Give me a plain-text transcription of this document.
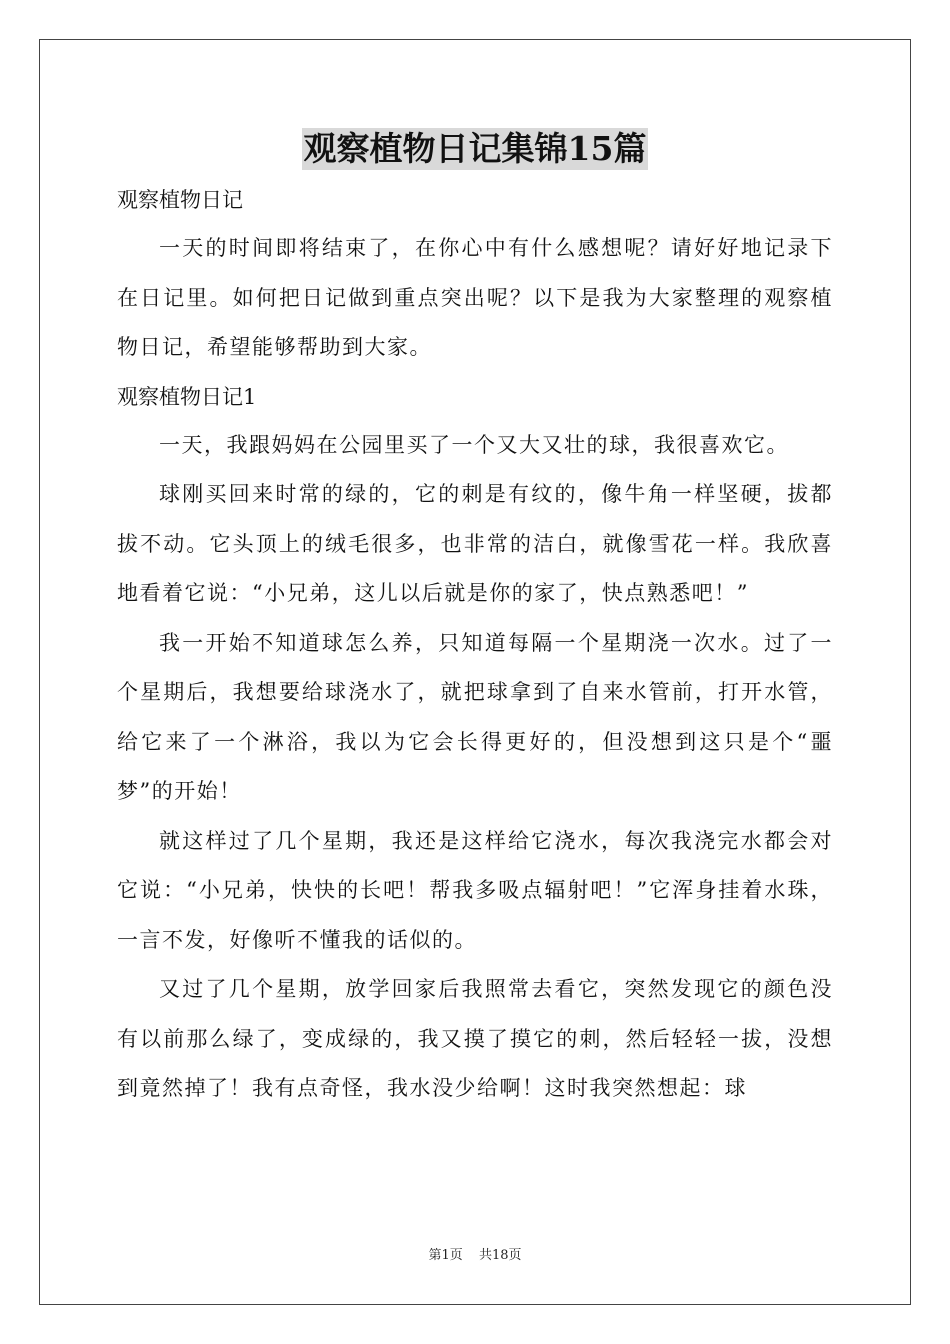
观察植物日记集锦15篇

观察植物日记

一天的时间即将结束了，在你心中有什么感想呢？请好好地记录下在日记里。如何把日记做到重点突出呢？以下是我为大家整理的观察植物日记，希望能够帮助到大家。

观察植物日记1

一天，我跟妈妈在公园里买了一个又大又壮的球，我很喜欢它。

球刚买回来时常的绿的，它的刺是有纹的，像牛角一样坚硬，拔都拔不动。它头顶上的绒毛很多，也非常的洁白，就像雪花一样。我欣喜地看着它说：“小兄弟，这儿以后就是你的家了，快点熟悉吧！”

我一开始不知道球怎么养，只知道每隔一个星期浇一次水。过了一个星期后，我想要给球浇水了，就把球拿到了自来水管前，打开水管，给它来了一个淋浴，我以为它会长得更好的，但没想到这只是个“噩梦”的开始！

就这样过了几个星期，我还是这样给它浇水，每次我浇完水都会对它说：“小兄弟，快快的长吧！帮我多吸点辐射吧！”它浑身挂着水珠，一言不发，好像听不懂我的话似的。

又过了几个星期，放学回家后我照常去看它，突然发现它的颜色没有以前那么绿了，变成绿的，我又摸了摸它的刺，然后轻轻一拔，没想到竟然掉了！我有点奇怪，我水没少给啊！这时我突然想起：球

第1页 共18页
